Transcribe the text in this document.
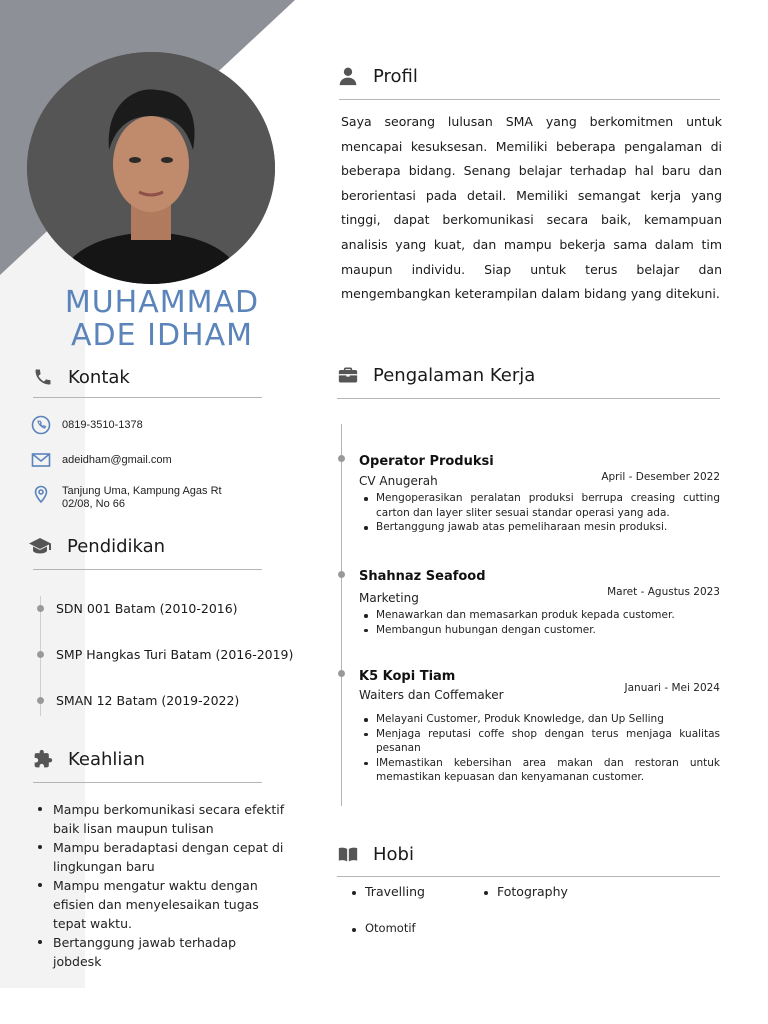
MUHAMMAD
ADE IDHAM
Kontak
0819-3510-1378
adeidham@gmail.com
Tanjung Uma, Kampung Agas Rt 02/08, No 66
Pendidikan
SDN 001 Batam (2010-2016)
SMP Hangkas Turi Batam (2016-2019)
SMAN 12 Batam (2019-2022)
Keahlian
Mampu berkomunikasi secara efektif baik lisan maupun tulisan
Mampu beradaptasi dengan cepat di lingkungan baru
Mampu mengatur waktu dengan efisien dan menyelesaikan tugas tepat waktu.
Bertanggung jawab terhadap jobdesk
Profil
Saya seorang lulusan SMA yang berkomitmen untuk mencapai kesuksesan. Memiliki beberapa pengalaman di beberapa bidang. Senang belajar terhadap hal baru dan berorientasi pada detail. Memiliki semangat kerja yang tinggi, dapat berkomunikasi secara baik, kemampuan analisis yang kuat, dan mampu bekerja sama dalam tim maupun individu. Siap untuk terus belajar dan mengembangkan keterampilan dalam bidang yang ditekuni.
Pengalaman Kerja
Operator Produksi
CV Anugerah	April - Desember 2022
Mengoperasikan peralatan produksi berrupa creasing cutting carton dan layer sliter sesuai standar operasi yang ada.
Bertanggung jawab atas pemeliharaan mesin produksi.
Shahnaz Seafood
Marketing	Maret - Agustus 2023
Menawarkan dan memasarkan produk kepada customer.
Membangun hubungan dengan customer.
K5 Kopi Tiam
Waiters dan Coffemaker	Januari - Mei 2024
Melayani Customer, Produk Knowledge, dan Up Selling
Menjaga reputasi coffe shop dengan terus menjaga kualitas pesanan
IMemastikan kebersihan area makan dan restoran untuk memastikan kepuasan dan kenyamanan customer.
Hobi
Travelling	Fotography
Otomotif
